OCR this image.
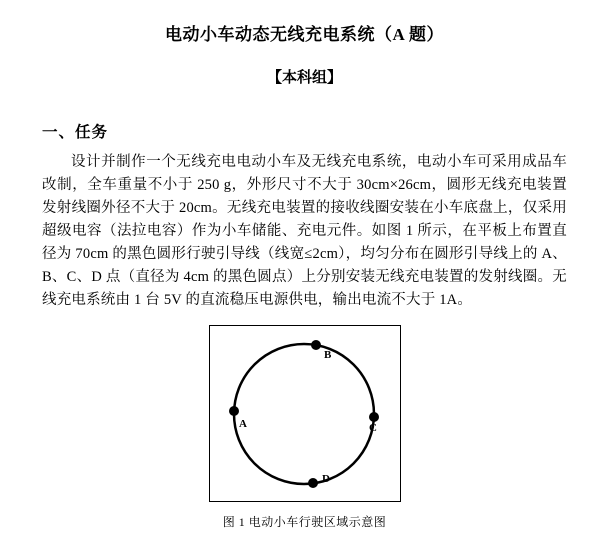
电动小车动态无线充电系统（A 题）
【本科组】
一、任务

设计并制作一个无线充电电动小车及无线充电系统，电动小车可采用成品车改制，全车重量不小于 250 g，外形尺寸不大于 30cm×26cm，圆形无线充电装置发射线圈外径不大于 20cm。无线充电装置的接收线圈安装在小车底盘上，仅采用超级电容（法拉电容）作为小车储能、充电元件。如图 1 所示，在平板上布置直径为 70cm 的黑色圆形行驶引导线（线宽≤2cm），均匀分布在圆形引导线上的 A、B、C、D 点（直径为 4cm 的黑色圆点）上分别安装无线充电装置的发射线圈。无线充电系统由 1 台 5V 的直流稳压电源供电，输出电流不大于 1A。

B
A	C
D
图 1 电动小车行驶区域示意图
